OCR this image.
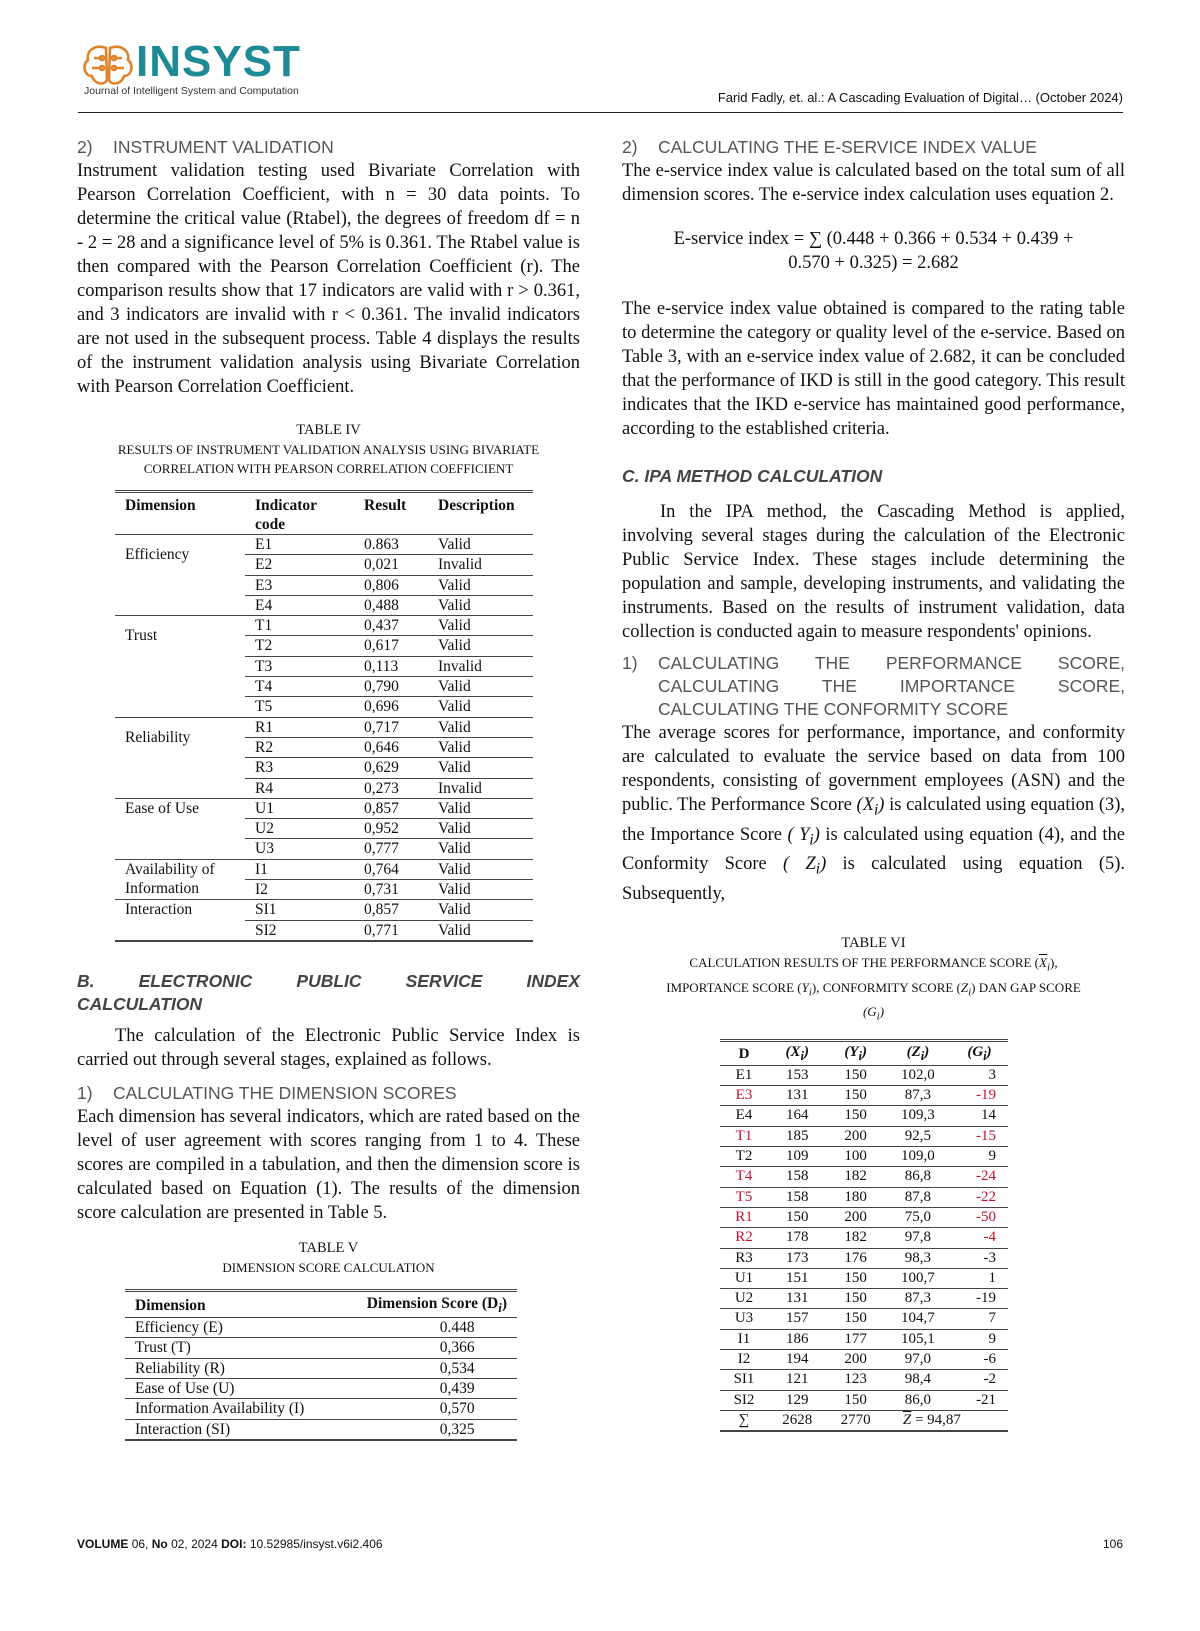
INSYST
Journal of Intelligent System and Computation	Farid Fadly, et. al.: A Cascading Evaluation of Digital… (October 2024)

2) INSTRUMENT VALIDATION

Instrument validation testing used Bivariate Correlation with Pearson Correlation Coefficient, with n = 30 data points. To determine the critical value (Rtabel), the degrees of freedom df = n - 2 = 28 and a significance level of 5% is 0.361. The Rtabel value is then compared with the Pearson Correlation Coefficient (r). The comparison results show that 17 indicators are valid with r > 0.361, and 3 indicators are invalid with r < 0.361. The invalid indicators are not used in the subsequent process. Table 4 displays the results of the instrument validation analysis using Bivariate Correlation with Pearson Correlation Coefficient.

TABLE IV

RESULTS OF INSTRUMENT VALIDATION ANALYSIS USING BIVARIATE
CORRELATION WITH PEARSON CORRELATION COEFFICIENT

Dimension	Indicator code	Result	Description
Efficiency	E1	0.863	Valid
	E2	0,021	Invalid
	E3	0,806	Valid
	E4	0,488	Valid
Trust	T1	0,437	Valid
	T2	0,617	Valid
	T3	0,113	Invalid
	T4	0,790	Valid
	T5	0,696	Valid
Reliability	R1	0,717	Valid
	R2	0,646	Valid
	R3	0,629	Valid
	R4	0,273	Invalid
Ease of Use	U1	0,857	Valid
	U2	0,952	Valid
	U3	0,777	Valid
Availability of Information	I1	0,764	Valid
	I2	0,731	Valid
Interaction	SI1	0,857	Valid
	SI2	0,771	Valid

B. ELECTRONIC PUBLIC SERVICE INDEX

CALCULATION

The calculation of the Electronic Public Service Index is carried out through several stages, explained as follows.

1) CALCULATING THE DIMENSION SCORES

Each dimension has several indicators, which are rated based on the level of user agreement with scores ranging from 1 to 4. These scores are compiled in a tabulation, and then the dimension score is calculated based on Equation (1). The results of the dimension score calculation are presented in Table 5.

TABLE V

DIMENSION SCORE CALCULATION

Dimension	Dimension Score $(D_i)$
Efficiency (E)	0.448
Trust (T)	0,366
Reliability (R)	0,534
Ease of Use (U)	0,439
Information Availability (I)	0,570
Interaction (SI)	0,325

2) CALCULATING THE E-SERVICE INDEX VALUE

The e-service index value is calculated based on the total sum of all dimension scores. The e-service index calculation uses equation 2.

E-service index = ∑ (0.448 + 0.366 + 0.534 + 0.439 +
0.570 + 0.325) = 2.682

The e-service index value obtained is compared to the rating table to determine the category or quality level of the e-service. Based on Table 3, with an e-service index value of 2.682, it can be concluded that the performance of IKD is still in the good category. This result indicates that the IKD e-service has maintained good performance, according to the established criteria.

C. IPA METHOD CALCULATION

In the IPA method, the Cascading Method is applied, involving several stages during the calculation of the Electronic Public Service Index. These stages include determining the population and sample, developing instruments, and validating the instruments. Based on the results of instrument validation, data collection is conducted again to measure respondents' opinions.

1)	CALCULATING THE PERFORMANCE SCORE, CALCULATING THE IMPORTANCE SCORE, CALCULATING THE CONFORMITY SCORE

The average scores for performance, importance, and conformity are calculated to evaluate the service based on data from 100 respondents, consisting of government employees (ASN) and the public. The Performance Score $(X_i)$ is calculated using equation (3), the Importance Score ( $Y_i$) is calculated using equation (4), and the Conformity Score ( $Z_i$) is calculated using equation (5). Subsequently,

TABLE VI

CALCULATION RESULTS OF THE PERFORMANCE SCORE $(\overline{X}_i)$,
IMPORTANCE SCORE $(Y_i)$, CONFORMITY SCORE $(Z_i)$ DAN GAP SCORE
$(G_i)$

D	$(X_i)$	$(Y_i)$	$(Z_i)$	$(G_i)$
E1	153	150	102,0	3
E3	131	150	87,3	-19
E4	164	150	109,3	14
T1	185	200	92,5	-15
T2	109	100	109,0	9
T4	158	182	86,8	-24
T5	158	180	87,8	-22
R1	150	200	75,0	-50
R2	178	182	97,8	-4
R3	173	176	98,3	-3
U1	151	150	100,7	1
U2	131	150	87,3	-19
U3	157	150	104,7	7
I1	186	177	105,1	9
I2	194	200	97,0	-6
SI1	121	123	98,4	-2
SI2	129	150	86,0	-21
∑	2628	2770	$\overline{Z} = 94,87$	
VOLUME 06, No 02, 2024 DOI: 10.52985/insyst.v6i2.406	106
